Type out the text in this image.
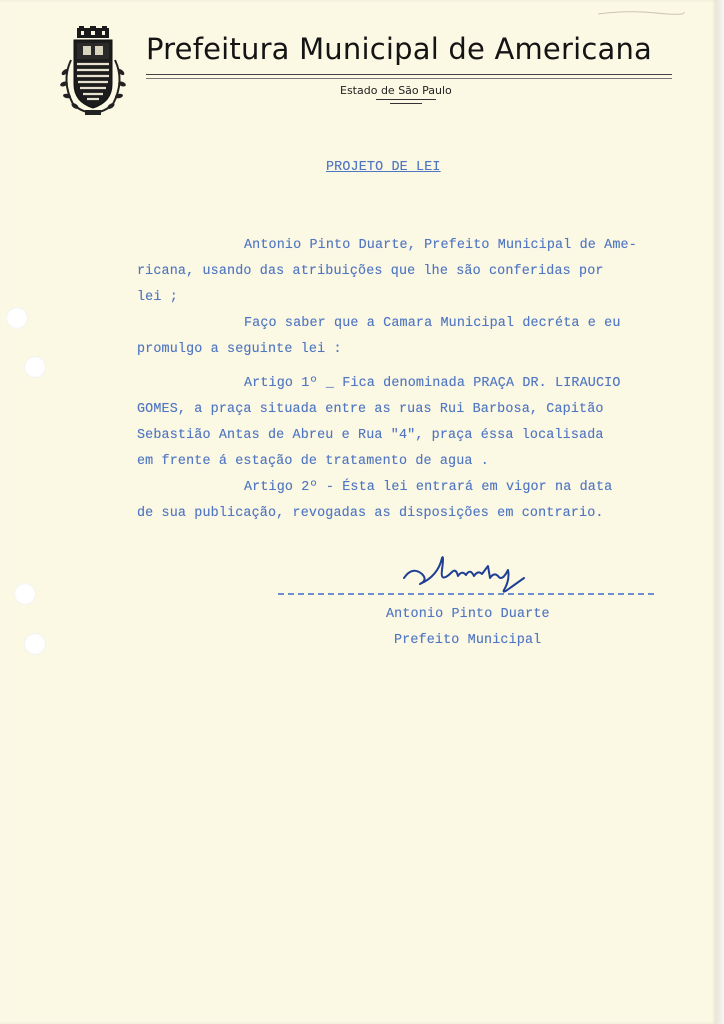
Prefeitura Municipal de Americana
Estado de São Paulo
PROJETO DE LEI
Antonio Pinto Duarte, Prefeito Municipal de Ame-
ricana, usando das atribuições que lhe são conferidas por
lei ;
Faço saber que a Camara Municipal decréta e eu
promulgo a seguinte lei :
Artigo 1º _ Fica denominada PRAÇA DR. LIRAUCIO
GOMES, a praça situada entre as ruas Rui Barbosa, Capitão
Sebastião Antas de Abreu e Rua "4", praça éssa localisada
em frente á estação de tratamento de agua .
Artigo 2º - Ésta lei entrará em vigor na data
de sua publicação, revogadas as disposições em contrario.
Antonio Pinto Duarte
Prefeito Municipal
